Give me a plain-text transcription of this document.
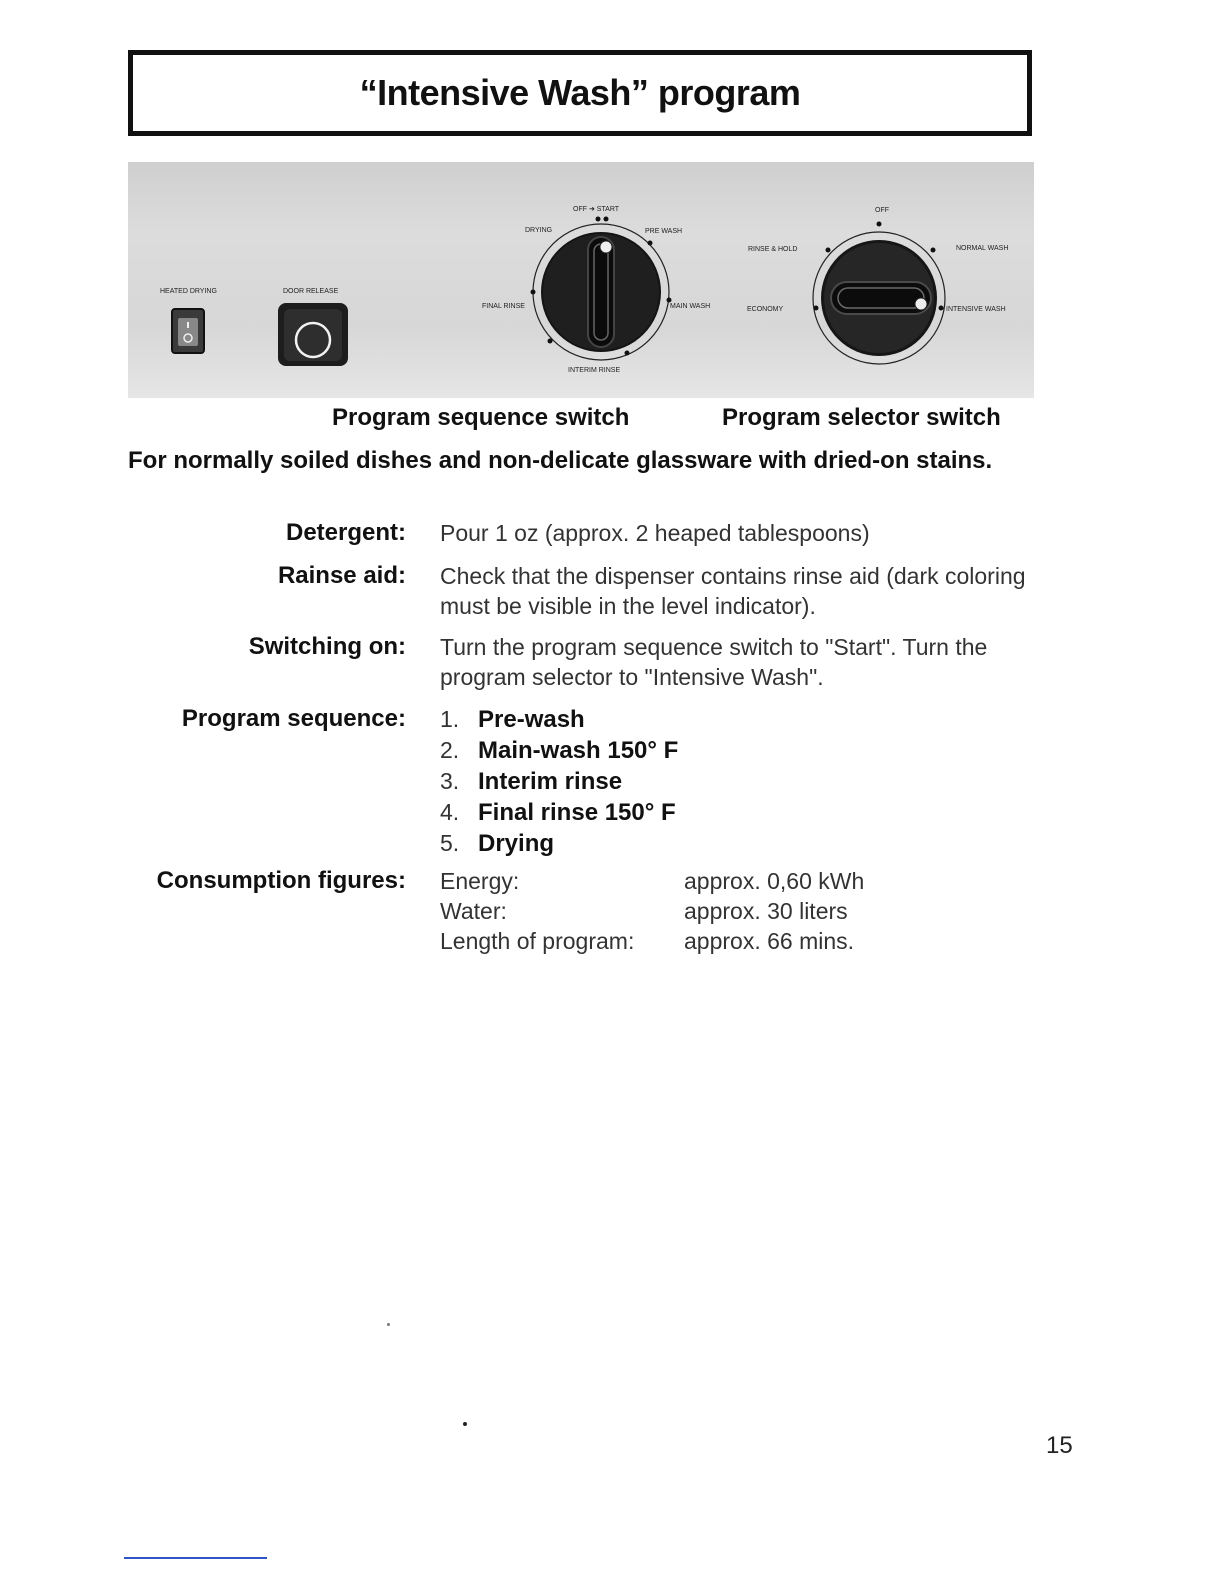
“Intensive Wash” program
HEATED DRYING	DOOR RELEASE
OFF ➜ START
DRYING	PRE WASH
FINAL RINSE	MAIN WASH
INTERIM RINSE
OFF
RINSE & HOLD	NORMAL WASH
ECONOMY	INTENSIVE WASH
Program sequence switch	Program selector switch
For normally soiled dishes and non-delicate glassware with dried-on stains.
Detergent: Pour 1 oz (approx. 2 heaped tablespoons)
Rainse aid: Check that the dispenser contains rinse aid (dark coloring must be visible in the level indicator).
Switching on: Turn the program sequence switch to "Start". Turn the program selector to "Intensive Wash".
Program sequence: 1. Pre-wash
2. Main-wash 150° F
3. Interim rinse
4. Final rinse 150° F
5. Drying
Consumption figures: Energy:	approx. 0,60 kWh
Water:	approx. 30 liters
Length of program:	approx. 66 mins.
15
